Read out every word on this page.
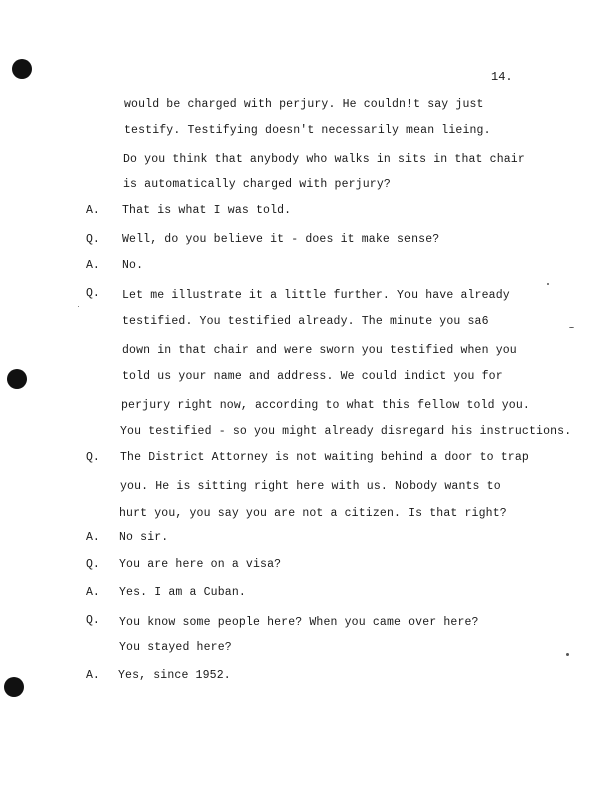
14.
would be charged with perjury. He couldn!t say just
testify. Testifying doesn't necessarily mean lieing.
Do you think that anybody who walks in sits in that chair
is automatically charged with perjury?
A. That is what I was told.
Q. Well, do you believe it - does it make sense?
A. No.
Q. Let me illustrate it a little further. You have already
testified. You testified already. The minute you sa6
down in that chair and were sworn you testified when you
told us your name and address. We could indict you for
perjury right now, according to what this fellow told you.
You testified - so you might already disregard his instructions.
Q. The District Attorney is not waiting behind a door to trap
you. He is sitting right here with us. Nobody wants to
hurt you, you say you are not a citizen. Is that right?
A. No sir.
Q. You are here on a visa?
A. Yes. I am a Cuban.
Q. You know some people here? When you came over here?
You stayed here?
A. Yes, since 1952.
